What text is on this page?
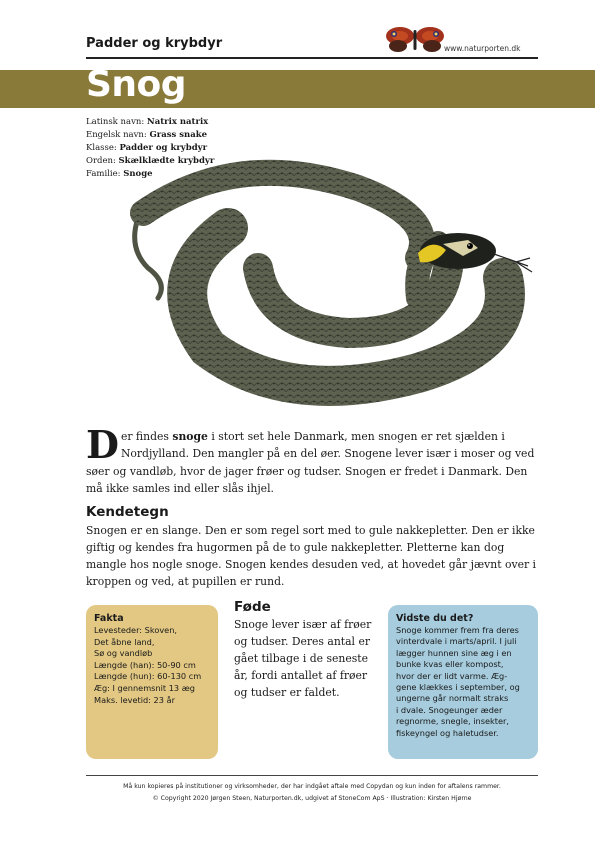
Padder og krybdyr	www.naturporten.dk
Snog
Latinsk navn: Natrix natrix
Engelsk navn: Grass snake
Klasse: Padder og krybdyr
Orden: Skælklædte krybdyr
Familie: Snoge
Der findes snoge i stort set hele Danmark, men snogen er ret sjælden i Nordjylland. Den mangler på en del øer. Snogene lever især i moser og ved søer og vandløb, hvor de jager frøer og tudser. Snogen er fredet i Danmark. Den må ikke samles ind eller slås ihjel.
Kendetegn
Snogen er en slange. Den er som regel sort med to gule nakkepletter. Den er ikke giftig og kendes fra hugormen på de to gule nakkepletter. Pletterne kan dog mangle hos nogle snoge. Snogen kendes desuden ved, at hovedet går jævnt over i kroppen og ved, at pupillen er rund.
Fakta
Levesteder: Skoven,
Det åbne land,
Sø og vandløb
Længde (han): 50-90 cm
Længde (hun): 60-130 cm
Æg: I gennemsnit 13 æg
Maks. levetid: 23 år
Føde
Snoge lever især af frøer og tudser. Deres antal er gået tilbage i de seneste år, fordi antallet af frøer og tudser er faldet.
Vidste du det?
Snoge kommer frem fra deres
vinterdvale i marts/april. I juli
lægger hunnen sine æg i en
bunke kvas eller kompost,
hvor der er lidt varme. Æg-
gene klækkes i september, og
ungerne går normalt straks
i dvale. Snogeunger æder
regnorme, snegle, insekter,
fiskeyngel og haletudser.
Må kun kopieres på institutioner og virksomheder, der har indgået aftale med Copydan og kun inden for aftalens rammer.
© Copyright 2020 Jørgen Steen, Naturporten.dk, udgivet af StoneCom ApS · Illustration: Kirsten Hjørne
